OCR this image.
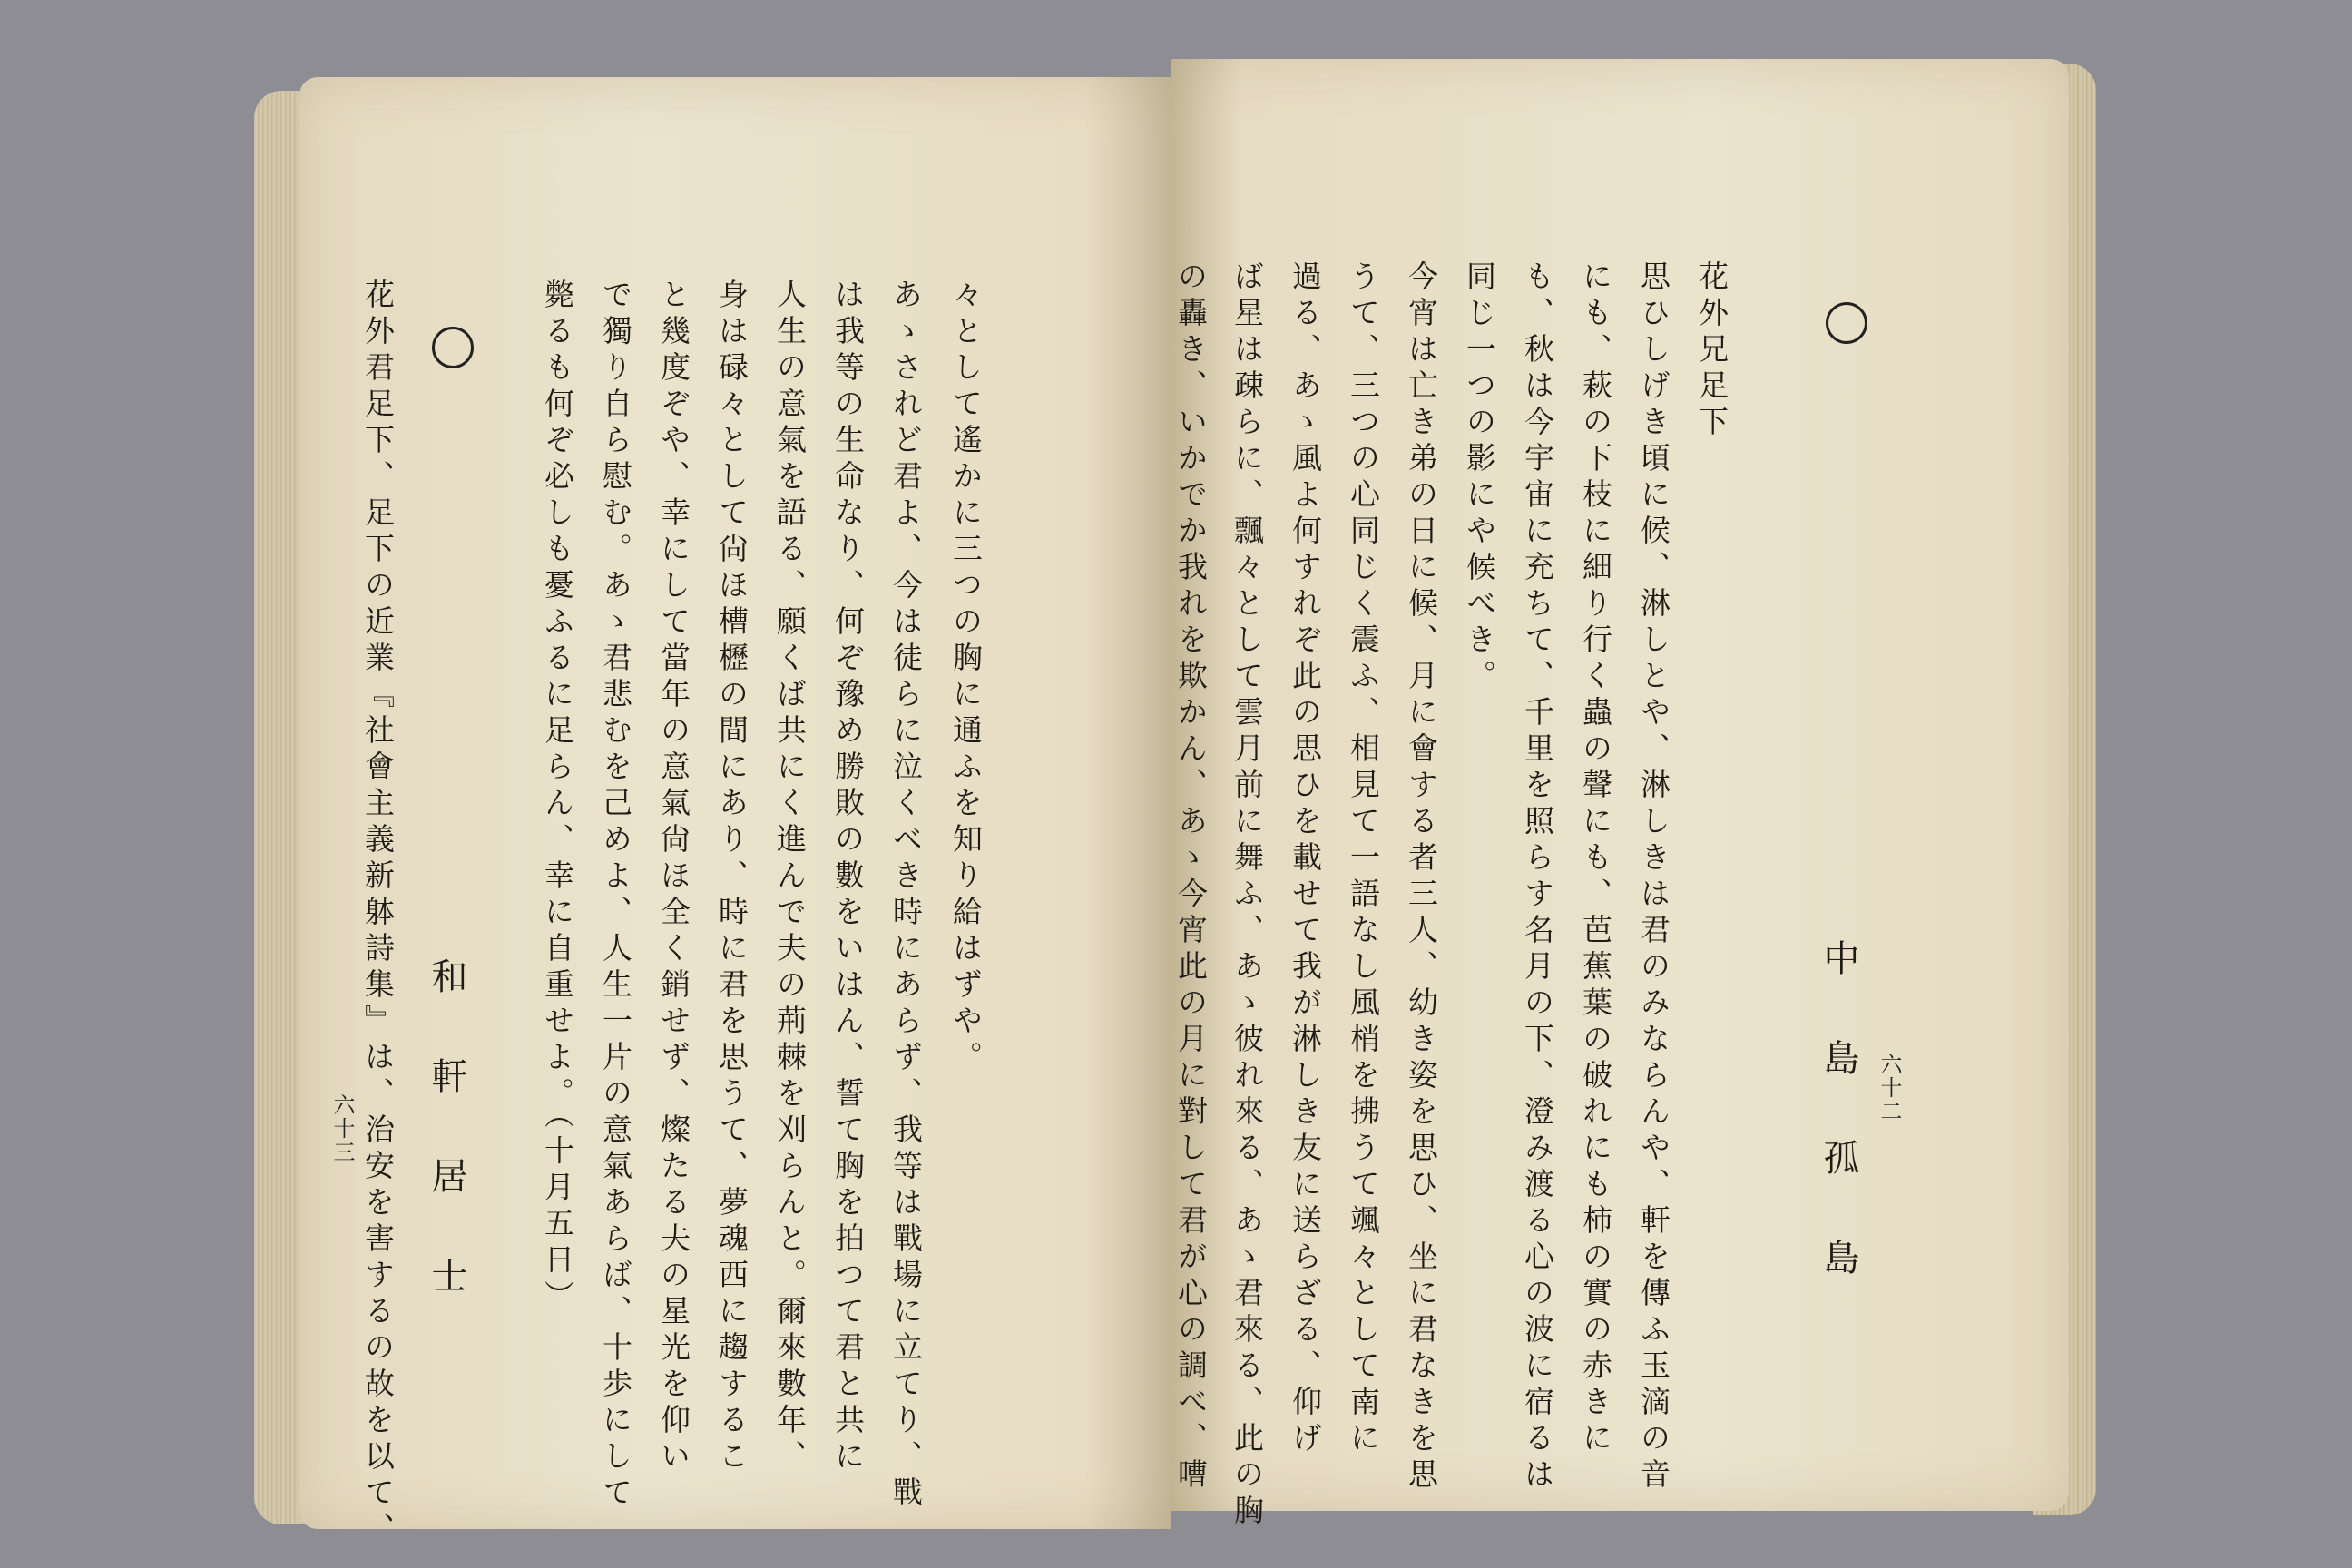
々として遙かに三つの胸に通ふを知り給はずや。
あゝされど君よ、今は徒らに泣くべき時にあらず、我等は戰場に立てり、戰
は我等の生命なり、何ぞ豫め勝敗の數をいはん、誓て胸を拍つて君と共に
人生の意氣を語る、願くば共にく進んで夫の荊棘を刈らんと。爾來數年、
身は碌々として尙ほ槽櫪の間にあり、時に君を思うて、夢魂西に趨するこ
と幾度ぞや、幸にして當年の意氣尙ほ全く銷せず、燦たる夫の星光を仰い
で獨り自ら慰む。あゝ君悲むを己めよ、人生一片の意氣あらば、十歩にして
斃るも何ぞ必しも憂ふるに足らん、幸に自重せよ。（十月五日）
和軒居士
花外君足下、足下の近業『社會主義新躰詩集』は、治安を害するの故を以て、
六十三
六十二
中島孤島
花外兄足下
思ひしげき頃に候、淋しとや、淋しきは君のみならんや、軒を傳ふ玉滴の音
にも、萩の下枝に細り行く蟲の聲にも、芭蕉葉の破れにも柿の實の赤きに
も、秋は今宇宙に充ちて、千里を照らす名月の下、澄み渡る心の波に宿るは
同じ一つの影にや候べき。
今宵は亡き弟の日に候、月に會する者三人、幼き姿を思ひ、坐に君なきを思
うて、三つの心同じく震ふ、相見て一語なし風梢を拂うて颯々として南に
過る、あゝ風よ何すれぞ此の思ひを載せて我が淋しき友に送らざる、仰げ
ば星は疎らに、飄々として雲月前に舞ふ、あゝ彼れ來る、あゝ君來る、此の胸
の轟き、いかでか我れを欺かん、あゝ今宵此の月に對して君が心の調べ、嘈
